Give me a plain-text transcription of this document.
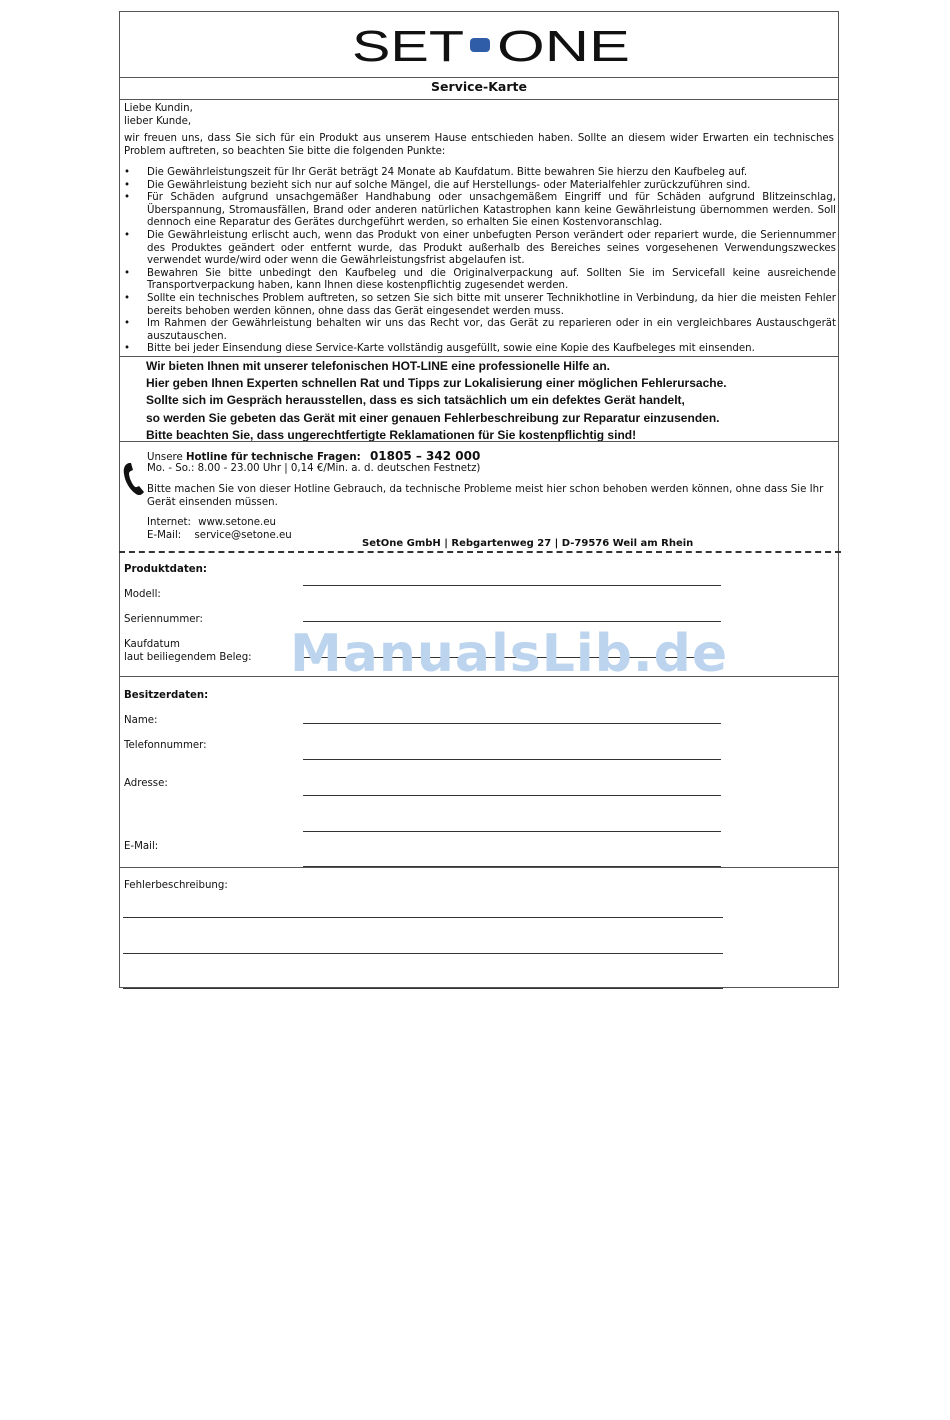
SET ONE
Service-Karte
Liebe Kundin,
lieber Kunde,
wir freuen uns, dass Sie sich für ein Produkt aus unserem Hause entschieden haben. Sollte an diesem wider Erwarten ein technisches Problem auftreten, so beachten Sie bitte die folgenden Punkte:
• Die Gewährleistungszeit für Ihr Gerät beträgt 24 Monate ab Kaufdatum. Bitte bewahren Sie hierzu den Kaufbeleg auf.
• Die Gewährleistung bezieht sich nur auf solche Mängel, die auf Herstellungs- oder Materialfehler zurückzuführen sind.
• Für Schäden aufgrund unsachgemäßer Handhabung oder unsachgemäßem Eingriff und für Schäden aufgrund Blitzeinschlag, Überspannung, Stromausfällen, Brand oder anderen natürlichen Katastrophen kann keine Gewährleistung übernommen werden. Soll dennoch eine Reparatur des Gerätes durchgeführt werden, so erhalten Sie einen Kostenvoranschlag.
• Die Gewährleistung erlischt auch, wenn das Produkt von einer unbefugten Person verändert oder repariert wurde, die Seriennummer des Produktes geändert oder entfernt wurde, das Produkt außerhalb des Bereiches seines vorgesehenen Verwendungszweckes verwendet wurde/wird oder wenn die Gewährleistungsfrist abgelaufen ist.
• Bewahren Sie bitte unbedingt den Kaufbeleg und die Originalverpackung auf. Sollten Sie im Servicefall keine ausreichende Transportverpackung haben, kann Ihnen diese kostenpflichtig zugesendet werden.
• Sollte ein technisches Problem auftreten, so setzen Sie sich bitte mit unserer Technikhotline in Verbindung, da hier die meisten Fehler bereits behoben werden können, ohne dass das Gerät eingesendet werden muss.
• Im Rahmen der Gewährleistung behalten wir uns das Recht vor, das Gerät zu reparieren oder in ein vergleichbares Austauschgerät auszutauschen.
• Bitte bei jeder Einsendung diese Service-Karte vollständig ausgefüllt, sowie eine Kopie des Kaufbeleges mit einsenden.
Wir bieten Ihnen mit unserer telefonischen HOT-LINE eine professionelle Hilfe an.
Hier geben Ihnen Experten schnellen Rat und Tipps zur Lokalisierung einer möglichen Fehlerursache.
Sollte sich im Gespräch herausstellen, dass es sich tatsächlich um ein defektes Gerät handelt,
so werden Sie gebeten das Gerät mit einer genauen Fehlerbeschreibung zur Reparatur einzusenden.
Bitte beachten Sie, dass ungerechtfertigte Reklamationen für Sie kostenpflichtig sind!
Unsere Hotline für technische Fragen: 01805 – 342 000
Mo. - So.: 8.00 - 23.00 Uhr | 0,14 €/Min. a. d. deutschen Festnetz)
Bitte machen Sie von dieser Hotline Gebrauch, da technische Probleme meist hier schon behoben werden können, ohne dass Sie Ihr Gerät einsenden müssen.
Internet: www.setone.eu
E-Mail: service@setone.eu
SetOne GmbH | Rebgartenweg 27 | D-79576 Weil am Rhein
Produktdaten:
Modell:
Seriennummer:
Kaufdatum
laut beiliegendem Beleg:
Besitzerdaten:
Name:
Telefonnummer:
Adresse:
E-Mail:
Fehlerbeschreibung:
ManualsLib.de
